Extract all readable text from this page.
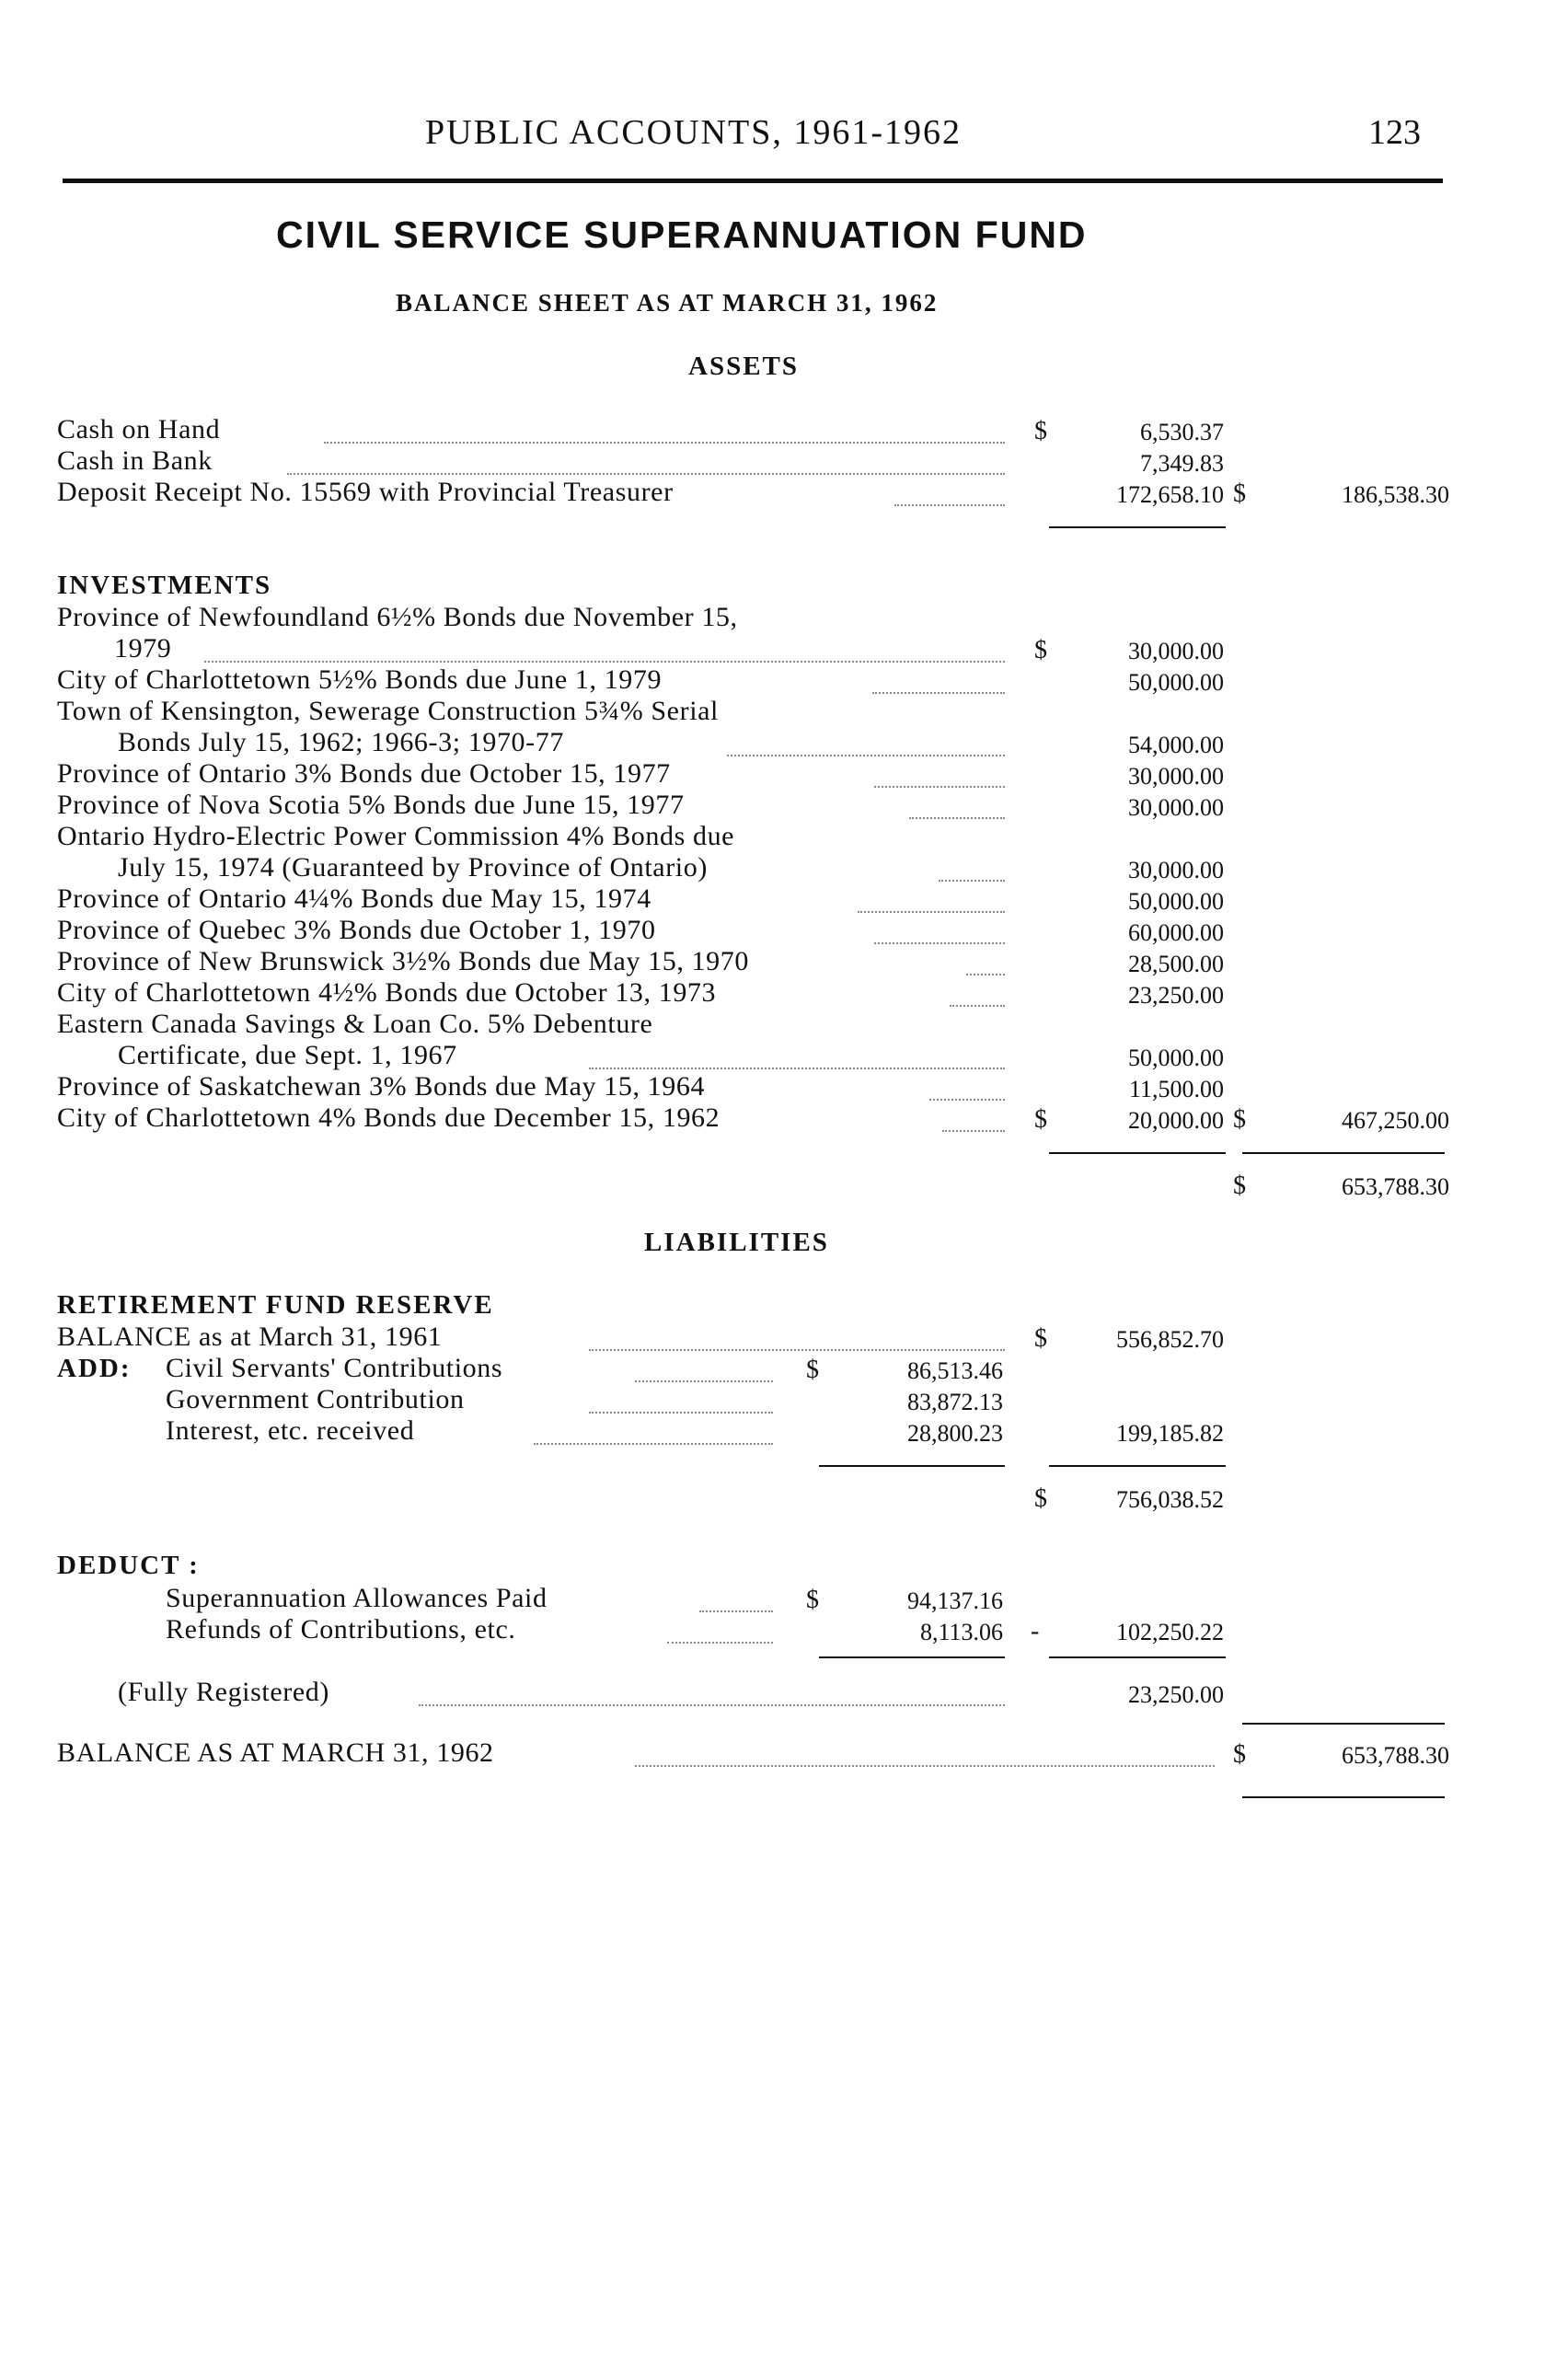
PUBLIC ACCOUNTS, 1961-1962	123
CIVIL SERVICE SUPERANNUATION FUND
BALANCE SHEET AS AT MARCH 31, 1962
ASSETS
Cash on Hand	$	6,530.37
Cash in Bank	7,349.83
Deposit Receipt No. 15569 with Provincial Treasurer	172,658.10 $	186,538.30
INVESTMENTS
Province of Newfoundland 6½% Bonds due November 15,
1979	$	30,000.00
City of Charlottetown 5½% Bonds due June 1, 1979	50,000.00
Town of Kensington, Sewerage Construction 5¾% Serial
Bonds July 15, 1962; 1966-3; 1970-77	54,000.00
Province of Ontario 3% Bonds due October 15, 1977	30,000.00
Province of Nova Scotia 5% Bonds due June 15, 1977	30,000.00
Ontario Hydro-Electric Power Commission 4% Bonds due
July 15, 1974 (Guaranteed by Province of Ontario)	30,000.00
Province of Ontario 4¼% Bonds due May 15, 1974	50,000.00
Province of Quebec 3% Bonds due October 1, 1970	60,000.00
Province of New Brunswick 3½% Bonds due May 15, 1970	28,500.00
City of Charlottetown 4½% Bonds due October 13, 1973	23,250.00
Eastern Canada Savings & Loan Co. 5% Debenture
Certificate, due Sept. 1, 1967	50,000.00
Province of Saskatchewan 3% Bonds due May 15, 1964	11,500.00
City of Charlottetown 4% Bonds due December 15, 1962	$	20,000.00 $	467,250.00
$	653,788.30
LIABILITIES
RETIREMENT FUND RESERVE
BALANCE as at March 31, 1961	$	556,852.70
ADD: Civil Servants' Contributions	$	86,513.46
Government Contribution	83,872.13
Interest, etc. received	28,800.23	199,185.82
$	756,038.52
DEDUCT :
Superannuation Allowances Paid	$	94,137.16
Refunds of Contributions, etc.	8,113.06 -	102,250.22
(Fully Registered)	23,250.00
BALANCE AS AT MARCH 31, 1962	$	653,788.30
